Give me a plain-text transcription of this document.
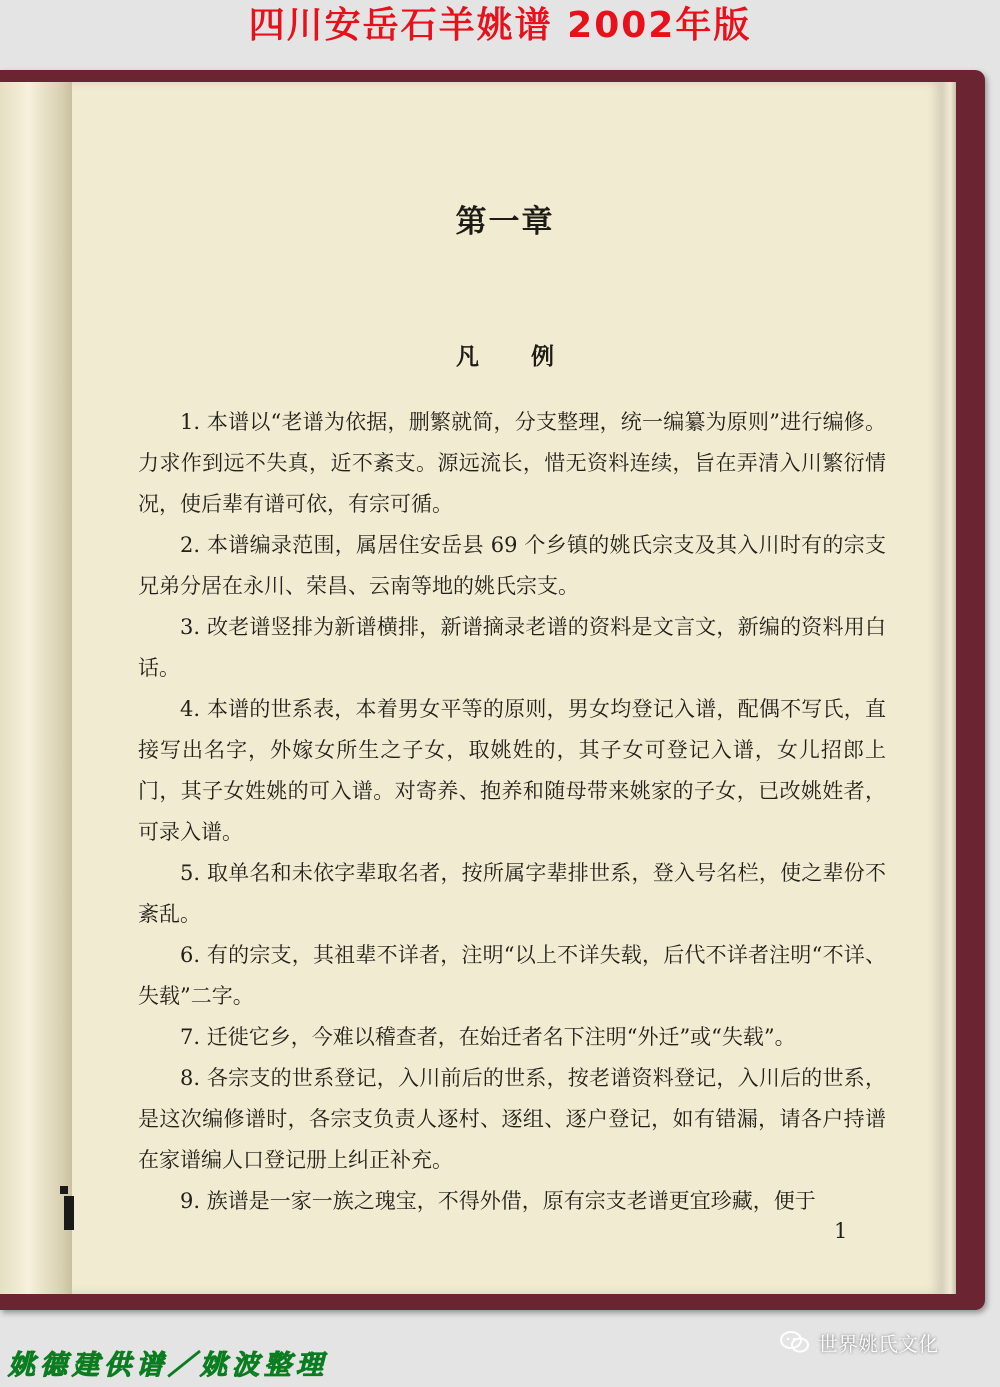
四川安岳石羊姚谱 2002年版
第一章
凡 例

1. 本谱以“老谱为依据，删繁就简，分支整理，统一编纂为原则”进行编修。力求作到远不失真，近不紊支。源远流长，惜无资料连续，旨在弄清入川繁衍情况，使后辈有谱可依，有宗可循。

2. 本谱编录范围，属居住安岳县 69 个乡镇的姚氏宗支及其入川时有的宗支兄弟分居在永川、荣昌、云南等地的姚氏宗支。

3. 改老谱竖排为新谱横排，新谱摘录老谱的资料是文言文，新编的资料用白话。

4. 本谱的世系表，本着男女平等的原则，男女均登记入谱，配偶不写氏，直接写出名字，外嫁女所生之子女，取姚姓的，其子女可登记入谱，女儿招郎上门，其子女姓姚的可入谱。对寄养、抱养和随母带来姚家的子女，已改姚姓者，可录入谱。

5. 取单名和未依字辈取名者，按所属字辈排世系，登入号名栏，使之辈份不紊乱。

6. 有的宗支，其祖辈不详者，注明“以上不详失载，后代不详者注明“不详、失载”二字。

7. 迁徙它乡，今难以稽查者，在始迁者名下注明“外迁”或“失载”。

8. 各宗支的世系登记，入川前后的世系，按老谱资料登记，入川后的世系，是这次编修谱时，各宗支负责人逐村、逐组、逐户登记，如有错漏，请各户持谱在家谱编人口登记册上纠正补充。

9. 族谱是一家一族之瑰宝，不得外借，原有宗支老谱更宜珍藏，便于

1
姚德建供谱／姚波整理
世界姚氏文化
